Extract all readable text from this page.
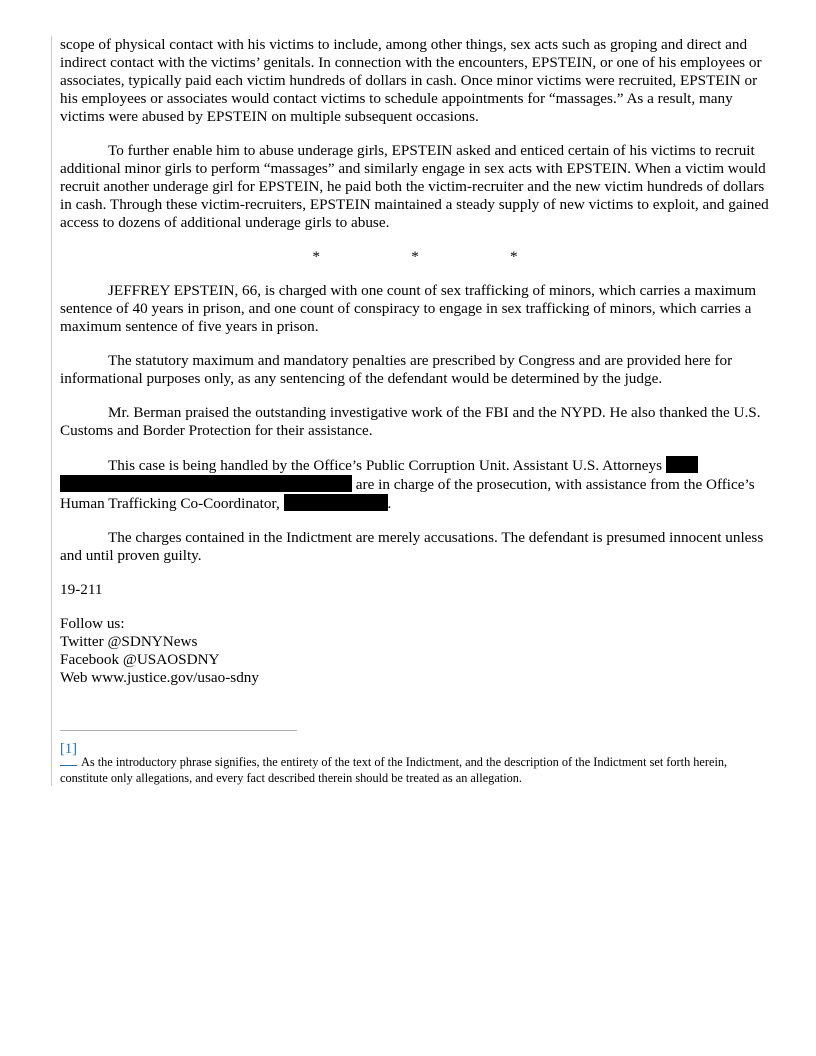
scope of physical contact with his victims to include, among other things, sex acts such as groping and direct and indirect contact with the victims’ genitals. In connection with the encounters, EPSTEIN, or one of his employees or associates, typically paid each victim hundreds of dollars in cash. Once minor victims were recruited, EPSTEIN or his employees or associates would contact victims to schedule appointments for “massages.” As a result, many victims were abused by EPSTEIN on multiple subsequent occasions.

To further enable him to abuse underage girls, EPSTEIN asked and enticed certain of his victims to recruit additional minor girls to perform “massages” and similarly engage in sex acts with EPSTEIN. When a victim would recruit another underage girl for EPSTEIN, he paid both the victim-recruiter and the new victim hundreds of dollars in cash. Through these victim-recruiters, EPSTEIN maintained a steady supply of new victims to exploit, and gained access to dozens of additional underage girls to abuse.

*	*	*

JEFFREY EPSTEIN, 66, is charged with one count of sex trafficking of minors, which carries a maximum sentence of 40 years in prison, and one count of conspiracy to engage in sex trafficking of minors, which carries a maximum sentence of five years in prison.

The statutory maximum and mandatory penalties are prescribed by Congress and are provided here for informational purposes only, as any sentencing of the defendant would be determined by the judge.

Mr. Berman praised the outstanding investigative work of the FBI and the NYPD. He also thanked the U.S. Customs and Border Protection for their assistance.

This case is being handled by the Office’s Public Corruption Unit. Assistant U.S. Attorneys   are in charge of the prosecution, with assistance from the Office’s Human Trafficking Co-Coordinator,	.

The charges contained in the Indictment are merely accusations. The defendant is presumed innocent unless and until proven guilty.

19-211

Follow us:
Twitter @SDNYNews
Facebook @USAOSDNY
Web www.justice.gov/usao-sdny
[1]
As the introductory phrase signifies, the entirety of the text of the Indictment, and the description of the Indictment set forth herein, constitute only allegations, and every fact described therein should be treated as an allegation.
